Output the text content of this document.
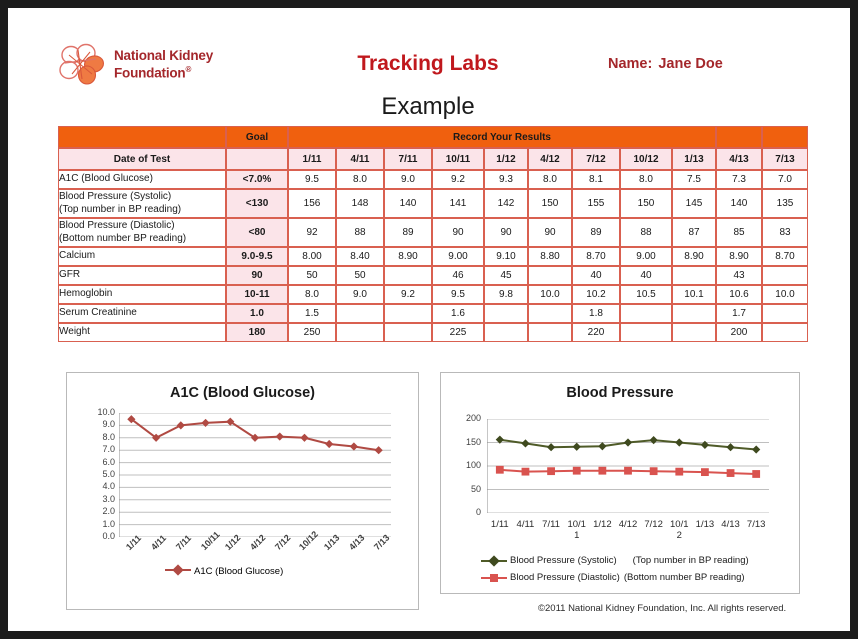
National Kidney
Foundation®	Tracking Labs
Example
Name: Jane Doe
	Goal	Record Your Results										
Date of Test		1/11	4/11	7/11	10/11	1/12	4/12	7/12	10/12	1/13	4/13	7/13
A1C (Blood Glucose)	<7.0%	9.5	8.0	9.0	9.2	9.3	8.0	8.1	8.0	7.5	7.3	7.0
Blood Pressure (Systolic)
(Top number in BP reading)	<130	156	148	140	141	142	150	155	150	145	140	135
Blood Pressure (Diastolic)
(Bottom number BP reading)	<80	92	88	89	90	90	90	89	88	87	85	83
Calcium	9.0-9.5	8.00	8.40	8.90	9.00	9.10	8.80	8.70	9.00	8.90	8.90	8.70
GFR	90	50	50		46	45		40	40		43	
Hemoglobin	10-11	8.0	9.0	9.2	9.5	9.8	10.0	10.2	10.5	10.1	10.6	10.0
Serum Creatinine	1.0	1.5			1.6			1.8			1.7	
Weight	180	250			225			220			200	
A1C (Blood Glucose)
0.0
1.0
2.0
3.0
4.0
5.0
6.0
7.0
8.0
9.0
10.0
1/11 4/11 7/11 10/11 1/12 4/12 7/12 10/12 1/13 4/13 7/13
A1C (Blood Glucose)
Blood Pressure
0
50
100
150
200
1/11 4/11 7/11 10/1
1
1/12 4/12 7/12 10/1
2
1/13 4/13 7/13
Blood Pressure (Systolic) (Top number in BP reading)
Blood Pressure (Diastolic) (Bottom number BP reading)
©2011 National Kidney Foundation, Inc. All rights reserved.
